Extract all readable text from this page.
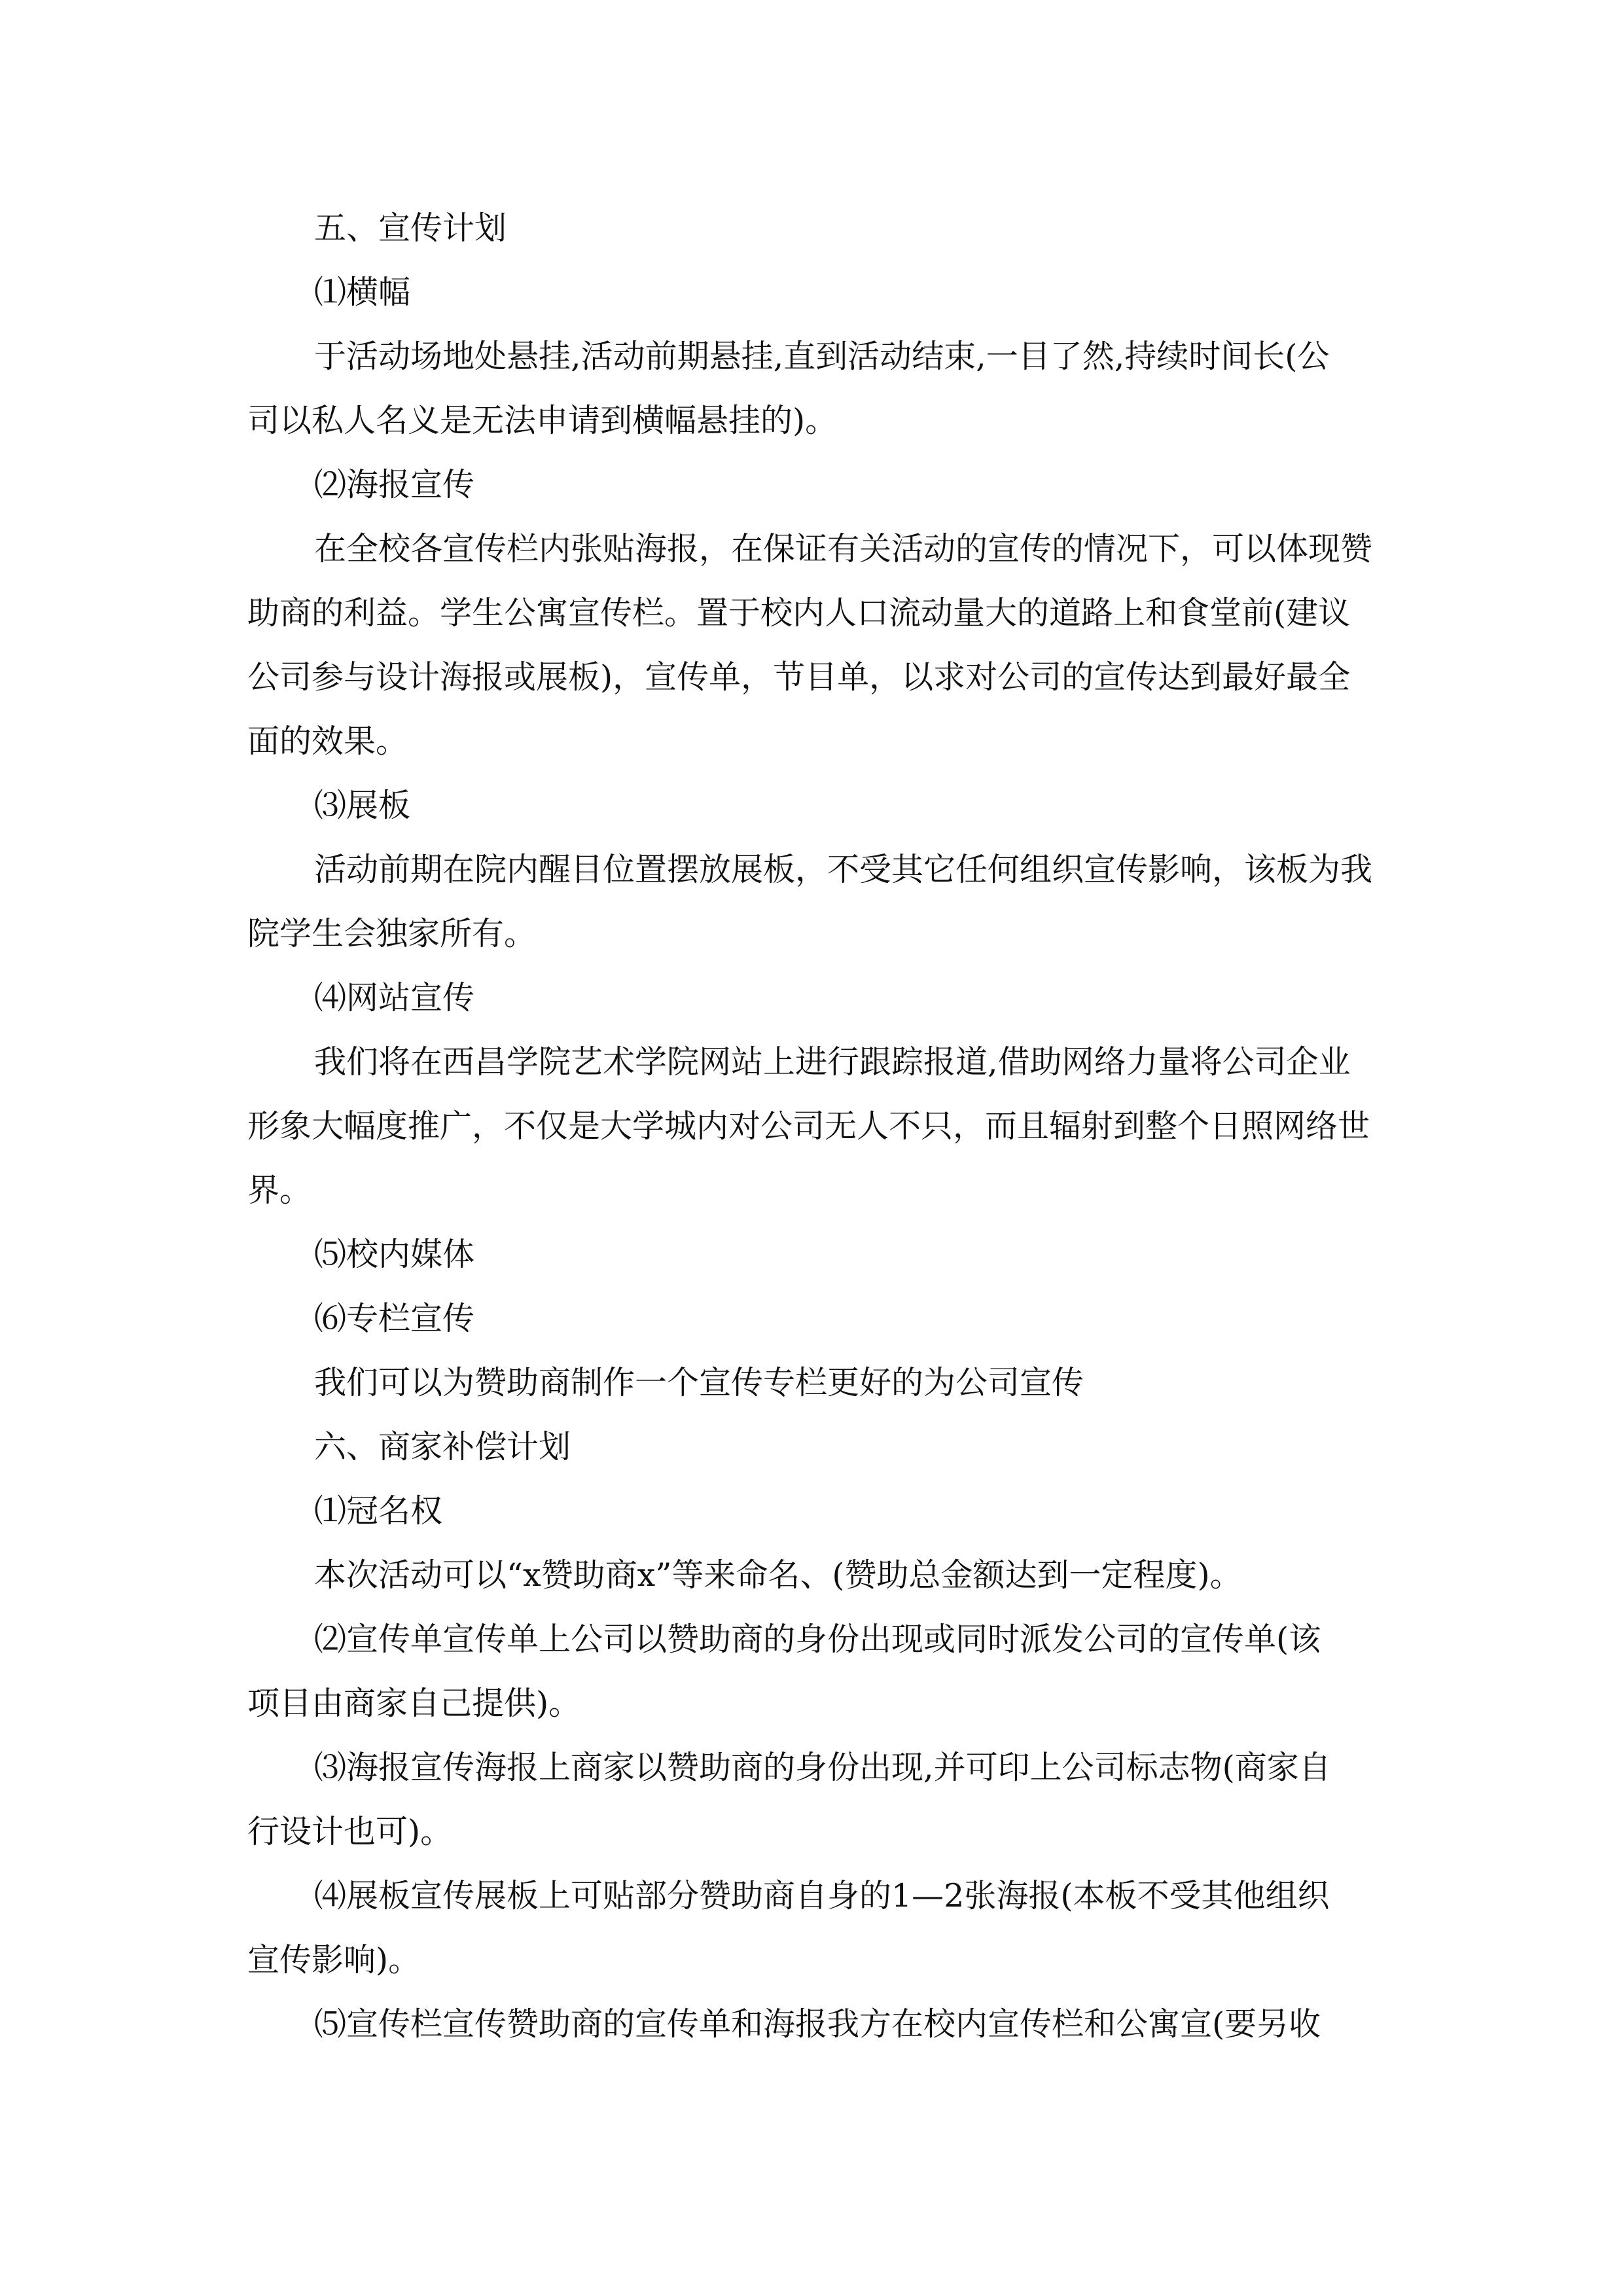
五、宣传计划
⑴横幅
于活动场地处悬挂,活动前期悬挂,直到活动结束,一目了然,持续时间长(公
司以私人名义是无法申请到横幅悬挂的)。
⑵海报宣传
在全校各宣传栏内张贴海报，在保证有关活动的宣传的情况下，可以体现赞
助商的利益。学生公寓宣传栏。置于校内人口流动量大的道路上和食堂前(建议
公司参与设计海报或展板)，宣传单，节目单，以求对公司的宣传达到最好最全
面的效果。
⑶展板
活动前期在院内醒目位置摆放展板，不受其它任何组织宣传影响，该板为我
院学生会独家所有。
⑷网站宣传
我们将在西昌学院艺术学院网站上进行跟踪报道,借助网络力量将公司企业
形象大幅度推广，不仅是大学城内对公司无人不只，而且辐射到整个日照网络世
界。
⑸校内媒体
⑹专栏宣传
我们可以为赞助商制作一个宣传专栏更好的为公司宣传
六、商家补偿计划
⑴冠名权
本次活动可以“x赞助商x”等来命名、(赞助总金额达到一定程度)。
⑵宣传单宣传单上公司以赞助商的身份出现或同时派发公司的宣传单(该
项目由商家自己提供)。
⑶海报宣传海报上商家以赞助商的身份出现,并可印上公司标志物(商家自
行设计也可)。
⑷展板宣传展板上可贴部分赞助商自身的1—2张海报(本板不受其他组织
宣传影响)。
⑸宣传栏宣传赞助商的宣传单和海报我方在校内宣传栏和公寓宣(要另收
